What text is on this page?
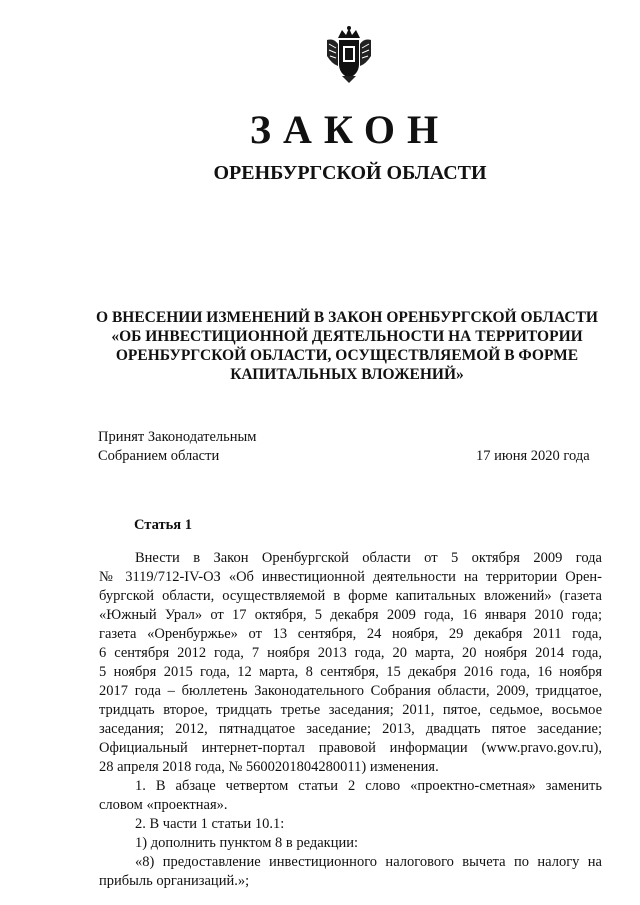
ЗАКОН
ОРЕНБУРГСКОЙ ОБЛАСТИ
О ВНЕСЕНИИ ИЗМЕНЕНИЙ В ЗАКОН ОРЕНБУРГСКОЙ ОБЛАСТИ
«ОБ ИНВЕСТИЦИОННОЙ ДЕЯТЕЛЬНОСТИ НА ТЕРРИТОРИИ
ОРЕНБУРГСКОЙ ОБЛАСТИ, ОСУЩЕСТВЛЯЕМОЙ В ФОРМЕ
КАПИТАЛЬНЫХ ВЛОЖЕНИЙ»
Принят Законодательным
Собранием области	17 июня 2020 года
Статья 1
Внести в Закон Оренбургской области от 5 октября 2009 года
№ 3119/712-IV-ОЗ «Об инвестиционной деятельности на территории Орен-
бургской области, осуществляемой в форме капитальных вложений» (газета
«Южный Урал» от 17 октября, 5 декабря 2009 года, 16 января 2010 года;
газета «Оренбуржье» от 13 сентября, 24 ноября, 29 декабря 2011 года,
6 сентября 2012 года, 7 ноября 2013 года, 20 марта, 20 ноября 2014 года,
5 ноября 2015 года, 12 марта, 8 сентября, 15 декабря 2016 года, 16 ноября
2017 года – бюллетень Законодательного Собрания области, 2009, тридцатое,
тридцать второе, тридцать третье заседания; 2011, пятое, седьмое, восьмое
заседания; 2012, пятнадцатое заседание; 2013, двадцать пятое заседание;
Официальный интернет-портал правовой информации (www.pravo.gov.ru),
28 апреля 2018 года, № 5600201804280011) изменения.
1. В абзаце четвертом статьи 2 слово «проектно-сметная» заменить
словом «проектная».
2. В части 1 статьи 10.1:
1) дополнить пунктом 8 в редакции:
«8) предоставление инвестиционного налогового вычета по налогу на
прибыль организаций.»;
